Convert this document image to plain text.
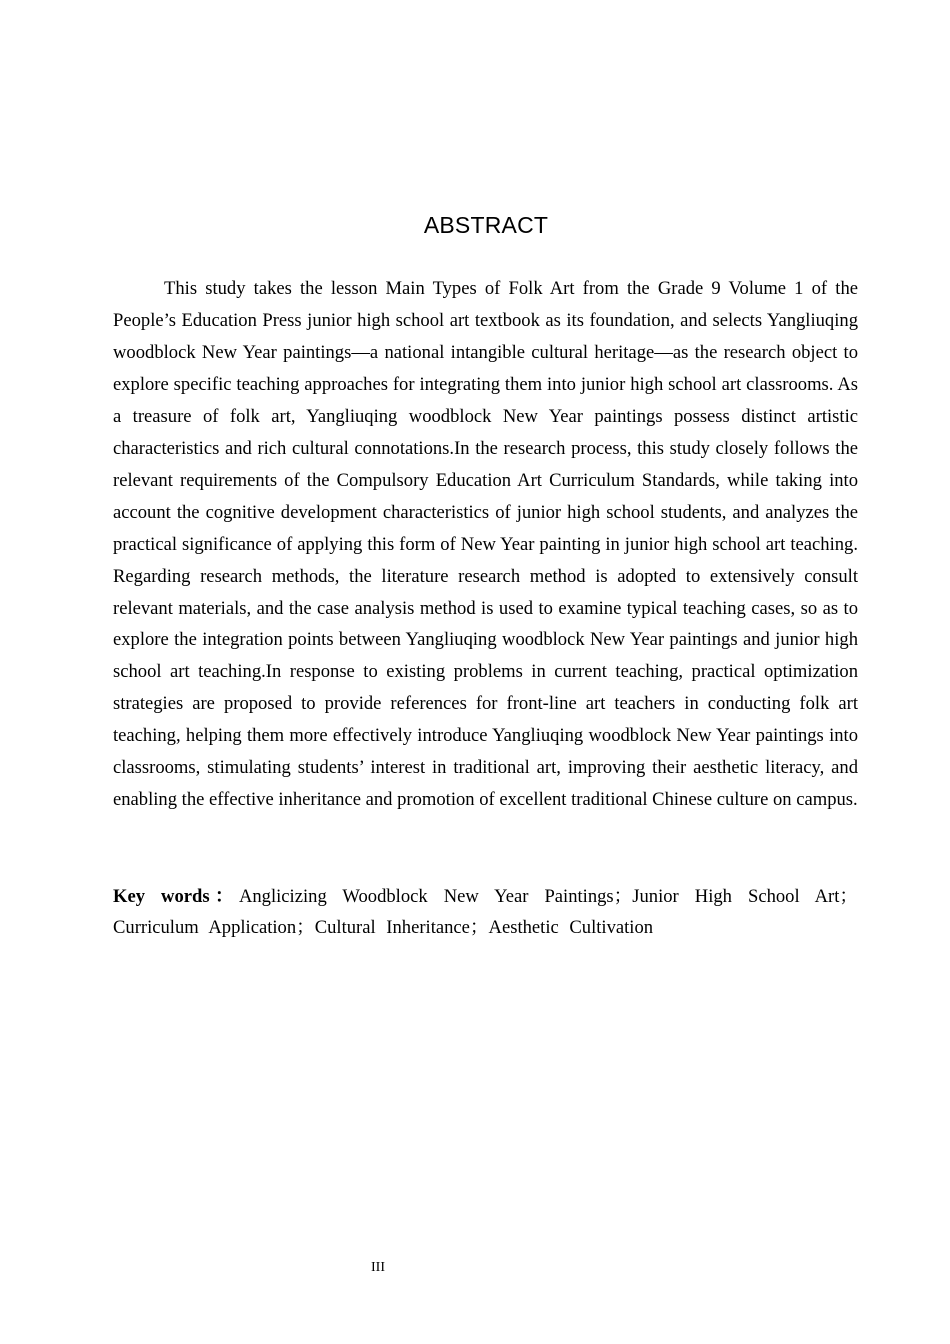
ABSTRACT

This study takes the lesson Main Types of Folk Art from the Grade 9 Volume 1 of the People’s Education Press junior high school art textbook as its foundation, and selects Yangliuqing woodblock New Year paintings—a national intangible cultural heritage—as the research object to explore specific teaching approaches for integrating them into junior high school art classrooms. As a treasure of folk art, Yangliuqing woodblock New Year paintings possess distinct artistic characteristics and rich cultural connotations.In the research process, this study closely follows the relevant requirements of the Compulsory Education Art Curriculum Standards, while taking into account the cognitive development characteristics of junior high school students, and analyzes the practical significance of applying this form of New Year painting in junior high school art teaching. Regarding research methods, the literature research method is adopted to extensively consult relevant materials, and the case analysis method is used to examine typical teaching cases, so as to explore the integration points between Yangliuqing woodblock New Year paintings and junior high school art teaching.In response to existing problems in current teaching, practical optimization strategies are proposed to provide references for front-line art teachers in conducting folk art teaching, helping them more effectively introduce Yangliuqing woodblock New Year paintings into classrooms, stimulating students’ interest in traditional art, improving their aesthetic literacy, and enabling the effective inheritance and promotion of excellent traditional Chinese culture on campus.

Key words：Anglicizing Woodblock New Year Paintings；Junior High School Art；Curriculum Application；Cultural Inheritance；Aesthetic Cultivation

III
